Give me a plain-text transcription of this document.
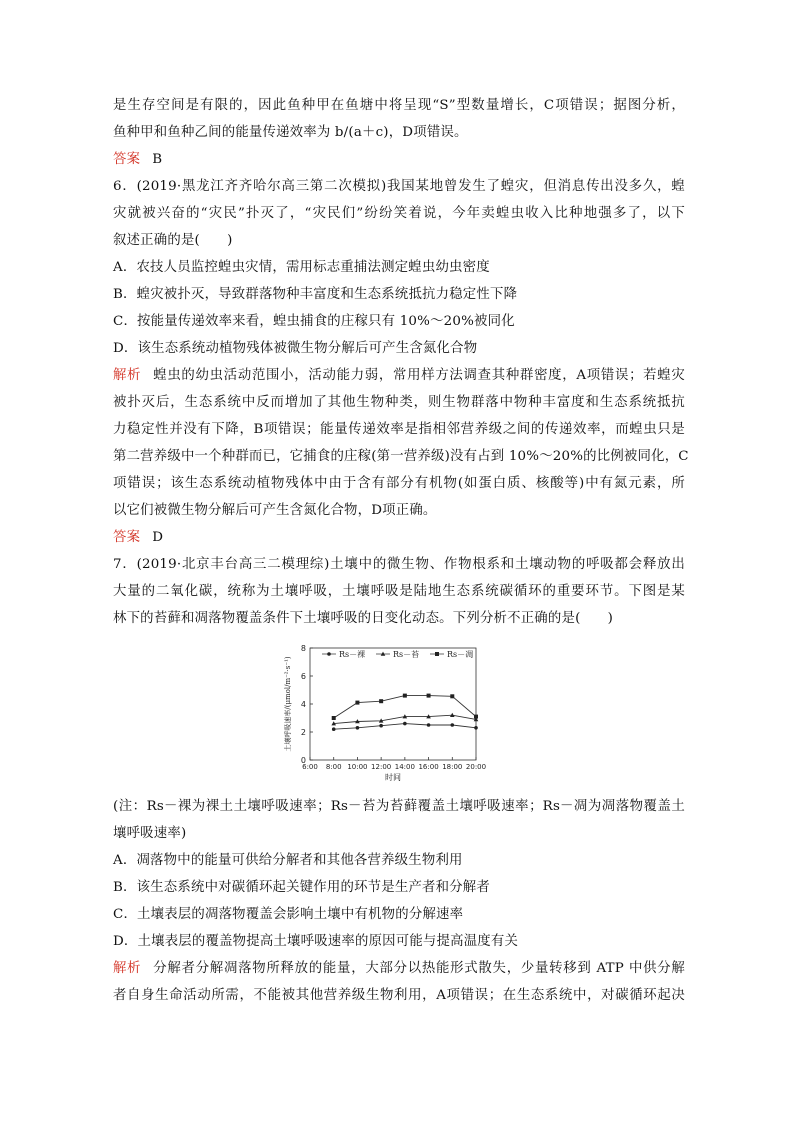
是生存空间是有限的，因此鱼种甲在鱼塘中将呈现“S”型数量增长，C项错误；据图分析，
鱼种甲和鱼种乙间的能量传递效率为 b/(a＋c)，D项错误。
答案 B
6．(2019·黑龙江齐齐哈尔高三第二次模拟)我国某地曾发生了蝗灾，但消息传出没多久，蝗
灾就被兴奋的“灾民”扑灭了，“灾民们”纷纷笑着说，今年卖蝗虫收入比种地强多了，以下
叙述正确的是(　　)
A．农技人员监控蝗虫灾情，需用标志重捕法测定蝗虫幼虫密度
B．蝗灾被扑灭，导致群落物种丰富度和生态系统抵抗力稳定性下降
C．按能量传递效率来看，蝗虫捕食的庄稼只有 10%～20%被同化
D．该生态系统动植物残体被微生物分解后可产生含氮化合物
解析 蝗虫的幼虫活动范围小，活动能力弱，常用样方法调查其种群密度，A项错误；若蝗灾
被扑灭后，生态系统中反而增加了其他生物种类，则生物群落中物种丰富度和生态系统抵抗
力稳定性并没有下降，B项错误；能量传递效率是指相邻营养级之间的传递效率，而蝗虫只是
第二营养级中一个种群而已，它捕食的庄稼(第一营养级)没有占到 10%～20%的比例被同化，C
项错误；该生态系统动植物残体中由于含有部分有机物(如蛋白质、核酸等)中有氮元素，所
以它们被微生物分解后可产生含氮化合物，D项正确。
答案 D
7．(2019·北京丰台高三二模理综)土壤中的微生物、作物根系和土壤动物的呼吸都会释放出
大量的二氧化碳，统称为土壤呼吸，土壤呼吸是陆地生态系统碳循环的重要环节。下图是某
林下的苔藓和凋落物覆盖条件下土壤呼吸的日变化动态。下列分析不正确的是(　　)
0
2
4
6
8
6:00 8:00 10:00 12:00 14:00 16:00 18:00 20:00
时间
土壤呼吸速率/(μmol/m⁻²·s⁻¹)
Rs－裸	Rs－苔	Rs－凋
(注：Rs－裸为裸土土壤呼吸速率；Rs－苔为苔藓覆盖土壤呼吸速率；Rs－凋为凋落物覆盖土
壤呼吸速率)
A．凋落物中的能量可供给分解者和其他各营养级生物利用
B．该生态系统中对碳循环起关键作用的环节是生产者和分解者
C．土壤表层的凋落物覆盖会影响土壤中有机物的分解速率
D．土壤表层的覆盖物提高土壤呼吸速率的原因可能与提高温度有关
解析 分解者分解凋落物所释放的能量，大部分以热能形式散失，少量转移到 ATP 中供分解
者自身生命活动所需，不能被其他营养级生物利用，A项错误；在生态系统中，对碳循环起决
